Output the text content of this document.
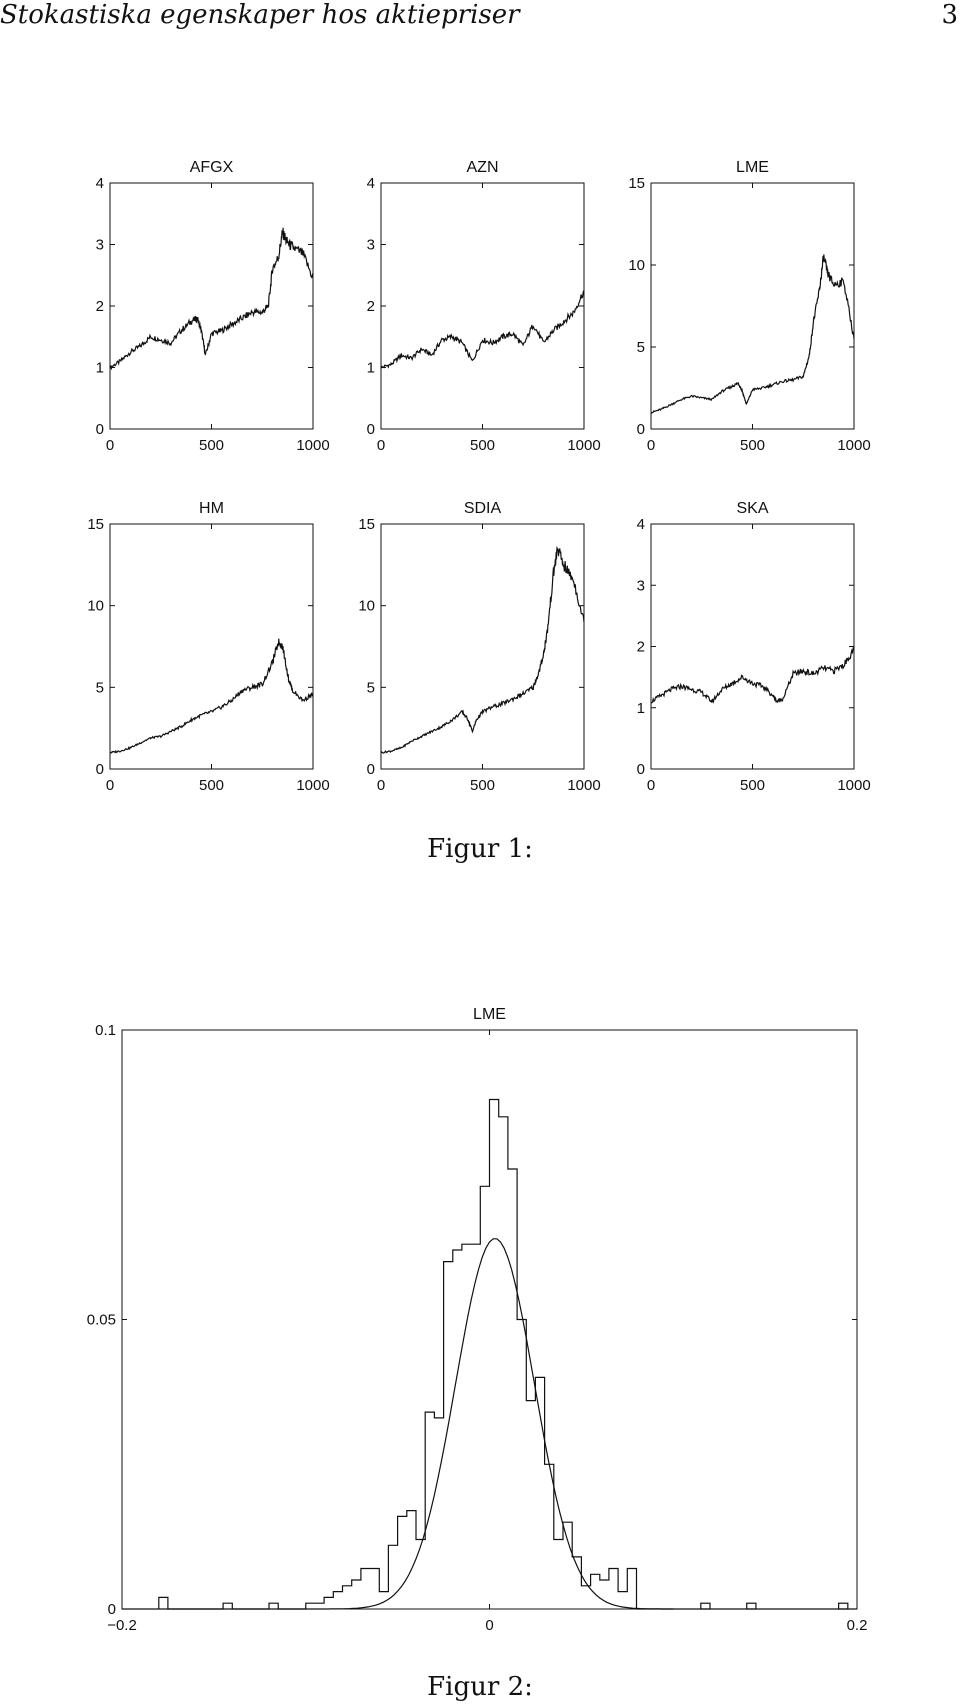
Stokastiska egenskaper hos aktiepriser	3
AFGX
0	500	1000
0
1
2
3
4
AZN
0	500	1000
0
1
2
3
4
LME
0	500	1000
0
5
10
15
HM
0	500	1000
0
5
10
15
SDIA
0	500	1000
0
5
10
15
SKA
0	500	1000
0
1
2
3
4
LME
−0.2	0	0.2
0
0.05
0.1
Figur 1:
Figur 2:
